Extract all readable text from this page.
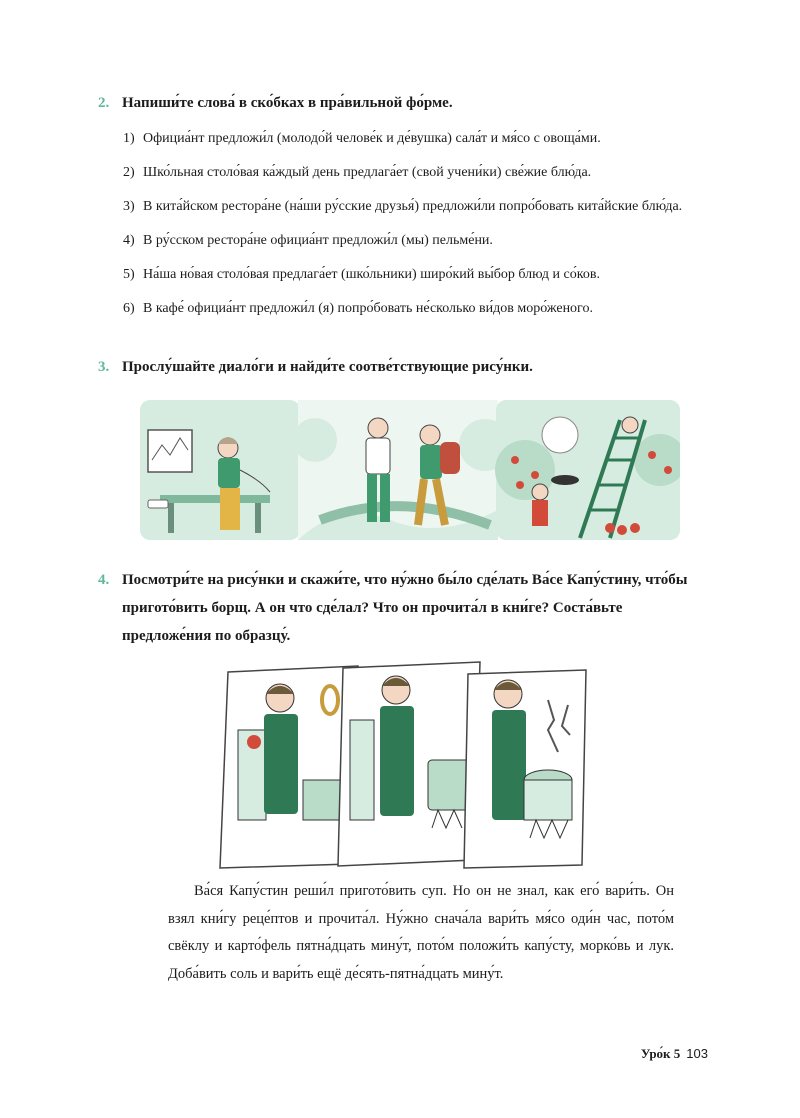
2. Напиши́те слова́ в ско́бках в пра́вильной фо́рме.
1) Официа́нт предложи́л (молодо́й челове́к и де́вушка) сала́т и мя́со с овоща́ми.
2) Шко́льная столо́вая ка́ждый день предлага́ет (свой учени́ки) све́жие блю́да.
3) В кита́йском рестора́не (на́ши ру́сские друзья́) предложи́ли попро́бовать кита́йские блю́да.
4) В ру́сском рестора́не официа́нт предложи́л (мы) пельме́ни.
5) На́ша но́вая столо́вая предлага́ет (шко́льники) широ́кий вы́бор блюд и со́ков.
6) В кафе́ официа́нт предложи́л (я) попро́бовать не́сколько ви́дов моро́женого.
3. Прослу́шайте диало́ги и найди́те соотве́тствующие рису́нки.
4. Посмотри́те на рису́нки и скажи́те, что ну́жно бы́ло сде́лать Ва́се Капу́стину, что́бы пригото́вить борщ. А он что сде́лал? Что он прочита́л в кни́ге? Соста́вьте предложе́ния по образцу́.
Ва́ся Капу́стин реши́л пригото́вить суп. Но он не знал, как его́ вари́ть. Он взял кни́гу реце́птов и прочита́л. Ну́жно снача́ла вари́ть мя́со оди́н час, пото́м свёклу и карто́фель пятна́дцать мину́т, пото́м положи́ть капу́сту, морко́вь и лук. Доба́вить соль и вари́ть ещё де́сять-пятна́дцать мину́т.
Уро́к 5 103
